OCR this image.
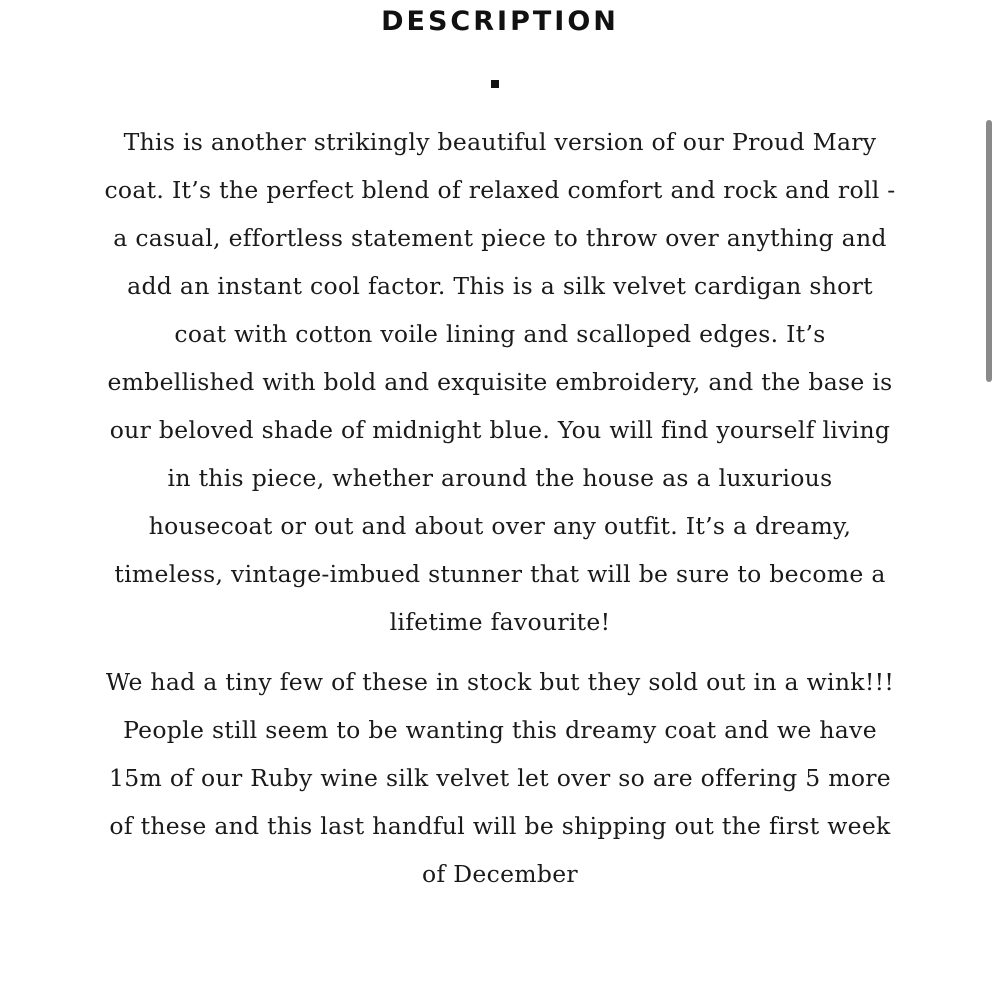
DESCRIPTION

This is another strikingly beautiful version of our Proud Mary coat. It’s the perfect blend of relaxed comfort and rock and roll - a casual, effortless statement piece to throw over anything and add an instant cool factor. This is a silk velvet cardigan short coat with cotton voile lining and scalloped edges. It’s embellished with bold and exquisite embroidery, and the base is our beloved shade of midnight blue. You will find yourself living in this piece, whether around the house as a luxurious housecoat or out and about over any outfit. It’s a dreamy, timeless, vintage-imbued stunner that will be sure to become a lifetime favourite!

We had a tiny few of these in stock but they sold out in a wink!!! People still seem to be wanting this dreamy coat and we have 15m of our Ruby wine silk velvet let over so are offering 5 more of these and this last handful will be shipping out the first week of December
